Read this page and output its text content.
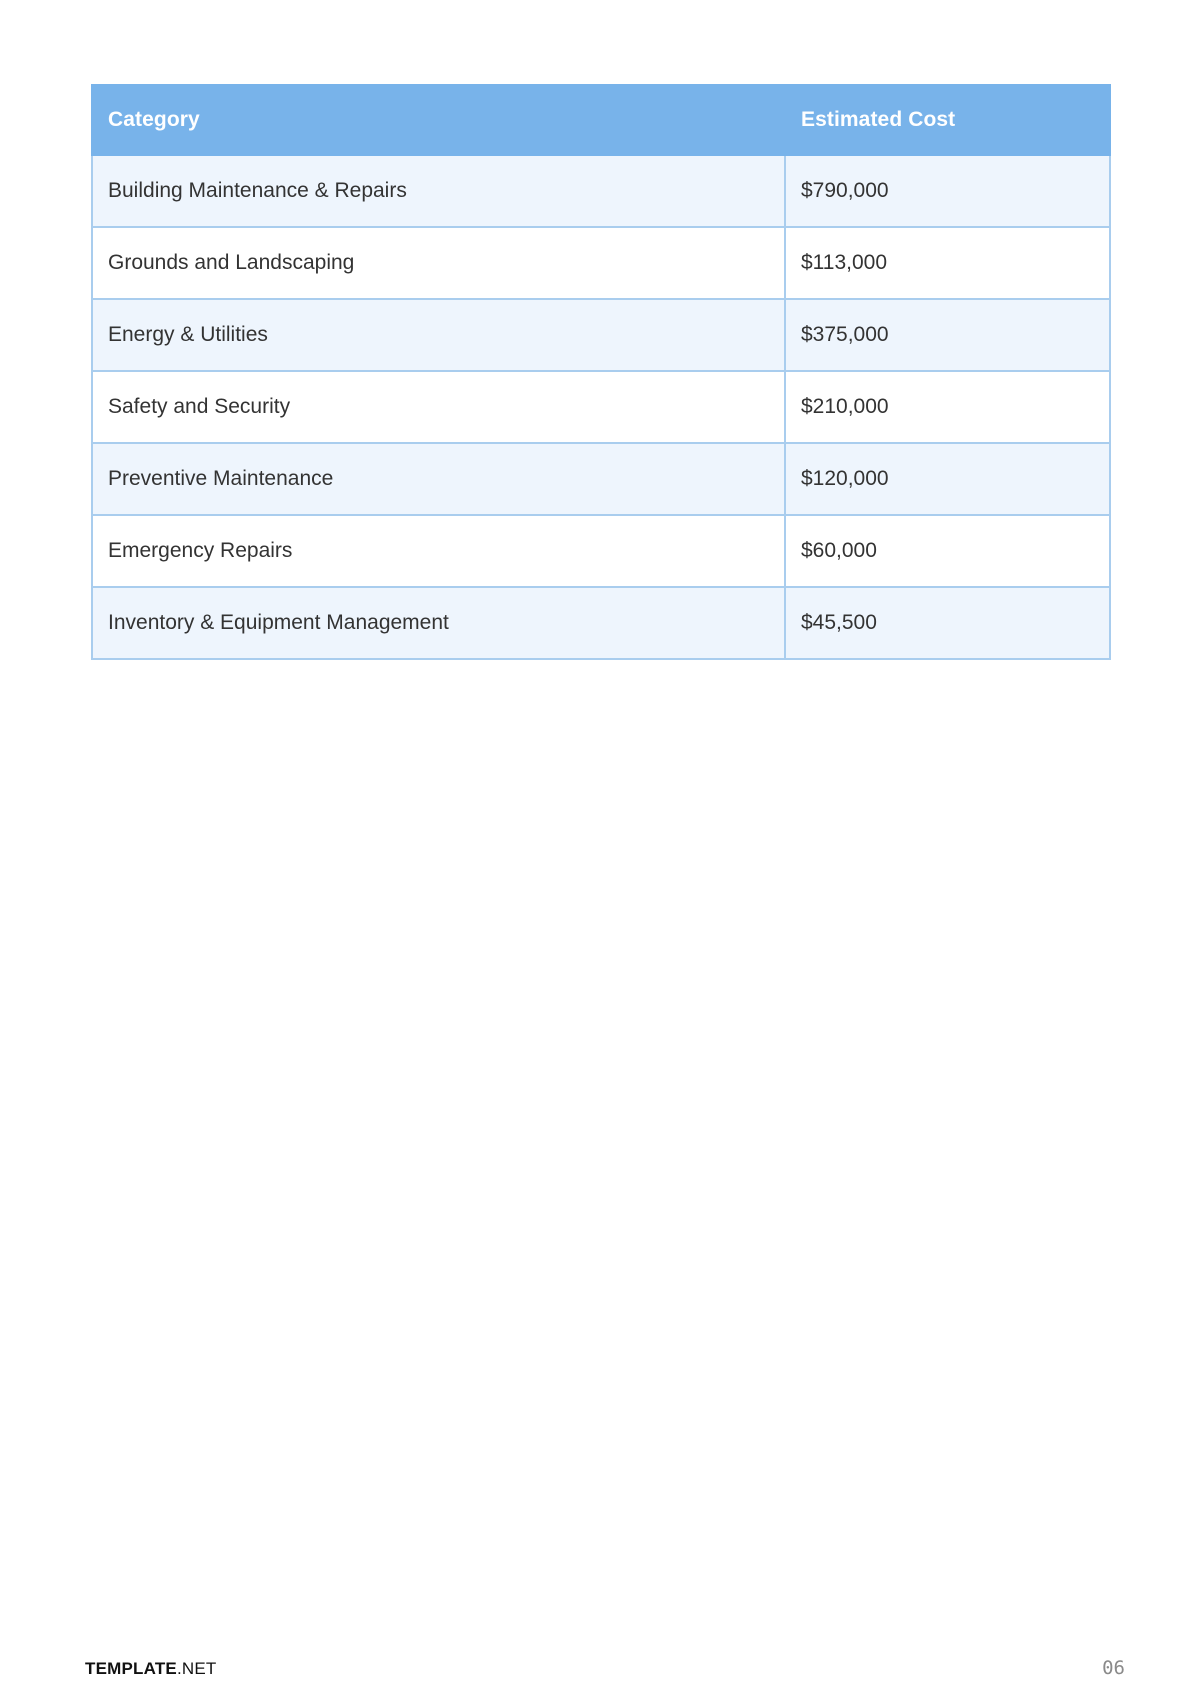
Category	Estimated Cost
Building Maintenance & Repairs	$790,000
Grounds and Landscaping	$113,000
Energy & Utilities	$375,000
Safety and Security	$210,000
Preventive Maintenance	$120,000
Emergency Repairs	$60,000
Inventory & Equipment Management	$45,500
TEMPLATE.NET	06
